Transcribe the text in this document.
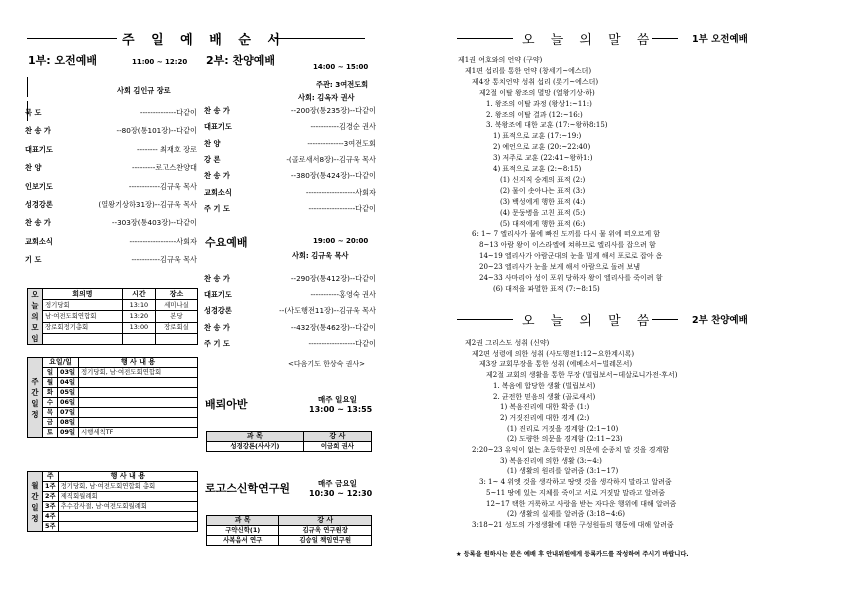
주 일 예 배 순 서
1부: 오전예배	11:00 ~ 12:20
사회 김인규 장로
묵 도	--------------다같이
찬 송 가	--80장(통101장)--다같이
대표기도	-------- 최재호 장로
찬 양	---------로고스찬양대
인보기도	------------김규욱 목사
성경강론	(열왕기상하31장)--김규욱 목사
찬 송 가	--303장(통403장)--다같이
교회소식	------------------사회자
기 도	-----------김규욱 목사
오늘의모임	회의명	시간	장소
	정기당회	13:10	세미나실
	남·여전도회연합회	13:20	본당
	장로회정기총회	13:00	장로회실

주간일정	요일/일		행 사 내 용
	일	03일	정기당회, 남·여전도회연합회
	월	04일	
	화	05일	
	수	06일	
	목	07일	
	금	08일	
	토	09일	시행세칙TF
월간일정	주	행 사 내 용
	1주	정기당회, 남·여전도회연합회 총회
	2주	제직회월례회
	3주	추수감사절, 남·여전도회월례회
	4주	
	5주	
2부: 찬양예배	14:00 ~ 15:00
주관: 3여전도회
사회: 김옥자 권사
찬 송 가	--200장(통235장)--다같이
대표기도	-----------김경순 권사
찬 양	--------------3여전도회
강 론	-(골로새서8장)--김규욱 목사
찬 송 가	--380장(통424장)--다같이
교회소식	-------------------사회자
주 기 도	------------------다같이
수요예배	19:00 ~ 20:00
사회: 김규욱 목사
찬 송 가	--290장(통412장)--다같이
대표기도	-----------홍영숙 권사
성경강론	--(사도행전11장)--김규욱 목사
찬 송 가	--432장(통462장)--다같이
주 기 도	------------------다같이
<다음기도 한상숙 권사>
배뢰아반	매주 일요일
13:00 ~ 13:55
과 목	강 사
성경강론(사사기)	이금희 권사
로고스신학연구원	매주 금요일
10:30 ~ 12:30
과 목	강 사
구약신학(1)	김규욱 연구원장
사복음서 연구	김승일 책임연구원
오 늘 의 말 씀	1부 오전예배
제1권 여호와의 언약 (구약)
제1편 섭리를 통한 언약 (창세기~에스더)
제4장 통치언약 성취 섭리 (롯기~에스더)
제2절 이탈 왕조의 멸망 (열왕기상·하)
1. 왕조의 이탈 과정 (왕상1:~11:)
2. 왕조의 이탈 결과 (12:~16:)
3. 북왕조에 대한 교훈 (17:~왕하8:15)
1) 표적으로 교훈 (17:~19:)
2) 예언으로 교훈 (20:~22:40)
3) 저주로 교훈 (22:41~왕하1:)
4) 표적으로 교훈 (2:~8:15)
(1) 신지직 승계의 표적 (2:)
(2) 물이 솟아나는 표적 (3:)
(3) 백성에게 행한 표적 (4:)
(4) 문둥병을 고친 표적 (5:)
(5) 대적에게 행한 표적 (6:)
6: 1~ 7 엘리사가 물에 빠진 도끼를 다시 물 위에 떠오르게 함
8~13 아람 왕이 이스라엘에 쳐하므로 엘리사를 잡으려 함
14~19 엘리사가 아람군대의 눈을 멀게 해서 포로로 잡아 옴
20~23 엘리사가 눈을 보게 해서 아람으로 돌려 보냄
24~33 사마리아 성이 포위 당하자 왕이 엘리사를 죽이려 함
(6) 대적을 파멸한 표적 (7:~8:15)
오 늘 의 말 씀	2부 찬양예배
제2권 그리스도 성취 (신약)
제2편 성령에 의한 성취 (사도행전1:12~요한계시록)
제3장 교회무장을 통한 성취 (에베소서~빌레몬서)
제2절 교회의 생활을 통한 무장 (빌립보서~데살로니가전·후서)
1. 복음에 합당한 생활 (빌립보서)
2. 균전한 믿음의 생활 (골로새서)
1) 복음진리에 대한 확증 (1:)
2) 거짓진리에 대한 경계 (2:)
(1) 진리로 거짓을 경계함 (2:1~10)
(2) 도량한 의문을 경계함 (2:11~23)
2:20~23 유익이 없는 초등학문인 의문에 순종치 말 것을 경계함
3) 복음진리에 의한 생활 (3:~4:)
(1) 생활의 원리를 알려줌 (3:1~17)
3: 1~ 4 위엣 것을 생각하고 땅엣 것을 생각하지 말라고 알려줌
5~11 땅에 있는 지체를 죽이고 서로 거짓말 말라고 알려줌
12~17 택한 거룩하고 사랑을 받는 자다운 행위에 대해 알려줌
(2) 생활의 실제를 알려줌 (3:18~4:6)
3:18~21 성도의 가정생활에 대한 구성원들의 행동에 대해 알려줌
★ 등록을 원하시는 분은 예배 후 안내위원에게 등록카드를 작성하여 주시기 바랍니다.
